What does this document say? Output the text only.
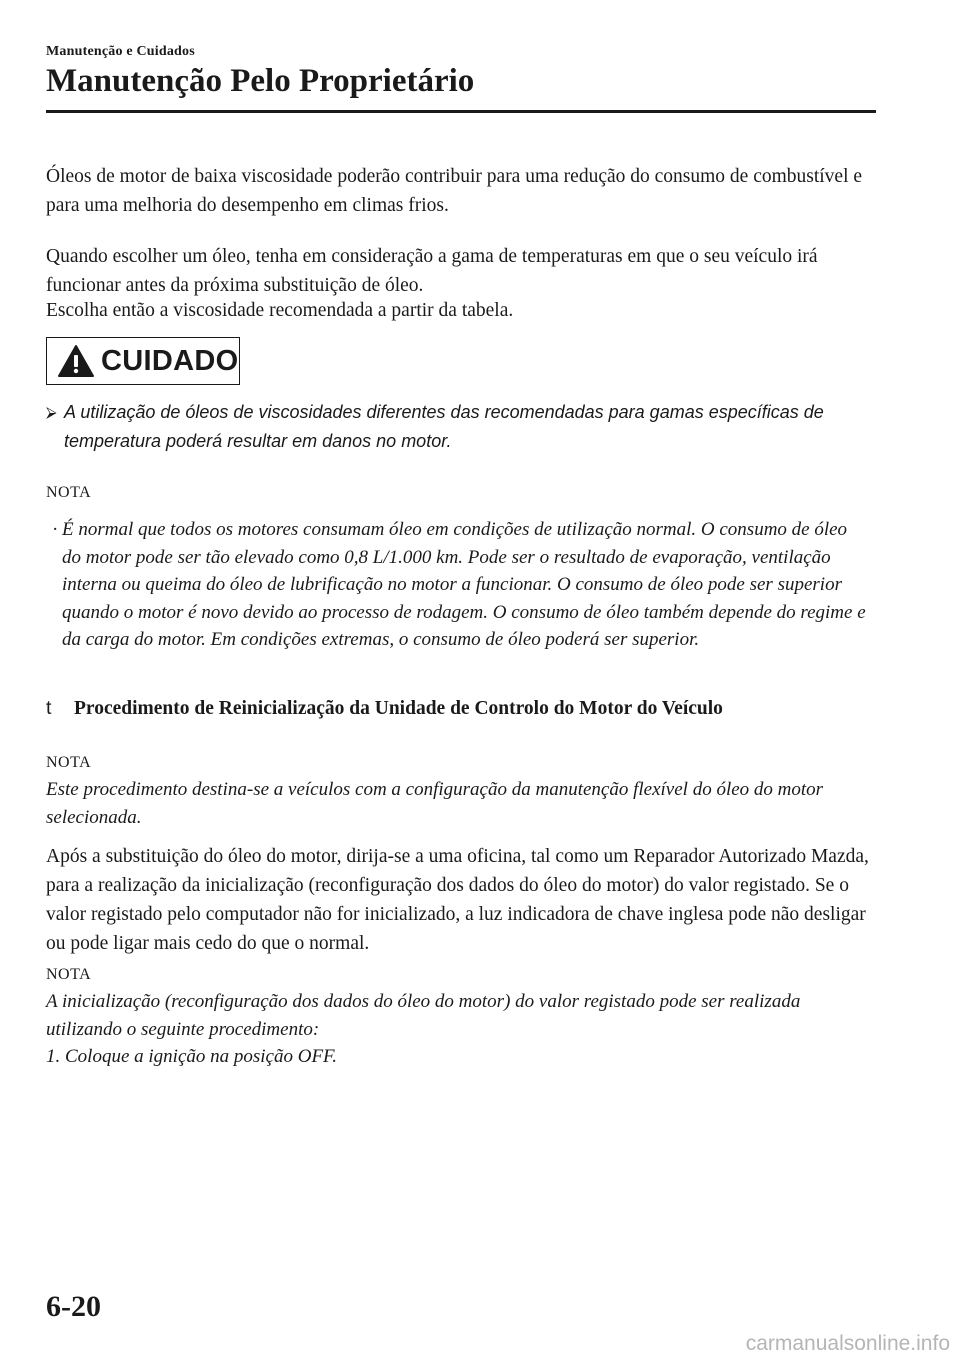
Manutenção e Cuidados
Manutenção Pelo Proprietário

Óleos de motor de baixa viscosidade poderão contribuir para uma redução do consumo de combustível e para uma melhoria do desempenho em climas frios.

Quando escolher um óleo, tenha em consideração a gama de temperaturas em que o seu veículo irá funcionar antes da próxima substituição de óleo.

Escolha então a viscosidade recomendada a partir da tabela.

CUIDADO
⮚ A utilização de óleos de viscosidades diferentes das recomendadas para gamas específicas de temperatura poderá resultar em danos no motor.
NOTA
· É normal que todos os motores consumam óleo em condições de utilização normal. O consumo de óleo do motor pode ser tão elevado como 0,8 L/1.000 km. Pode ser o resultado de evaporação, ventilação interna ou queima do óleo de lubrificação no motor a funcionar. O consumo de óleo pode ser superior quando o motor é novo devido ao processo de rodagem. O consumo de óleo também depende do regime e da carga do motor. Em condições extremas, o consumo de óleo poderá ser superior.
t	Procedimento de Reinicialização da Unidade de Controlo do Motor do Veículo
NOTA

Este procedimento destina-se a veículos com a configuração da manutenção flexível do óleo do motor selecionada.

Após a substituição do óleo do motor, dirija-se a uma oficina, tal como um Reparador Autorizado Mazda, para a realização da inicialização (reconfiguração dos dados do óleo do motor) do valor registado. Se o valor registado pelo computador não for inicializado, a luz indicadora de chave inglesa pode não desligar ou pode ligar mais cedo do que o normal.

NOTA

A inicialização (reconfiguração dos dados do óleo do motor) do valor registado pode ser realizada utilizando o seguinte procedimento:

1. Coloque a ignição na posição OFF.

6-20
carmanualsonline.info
